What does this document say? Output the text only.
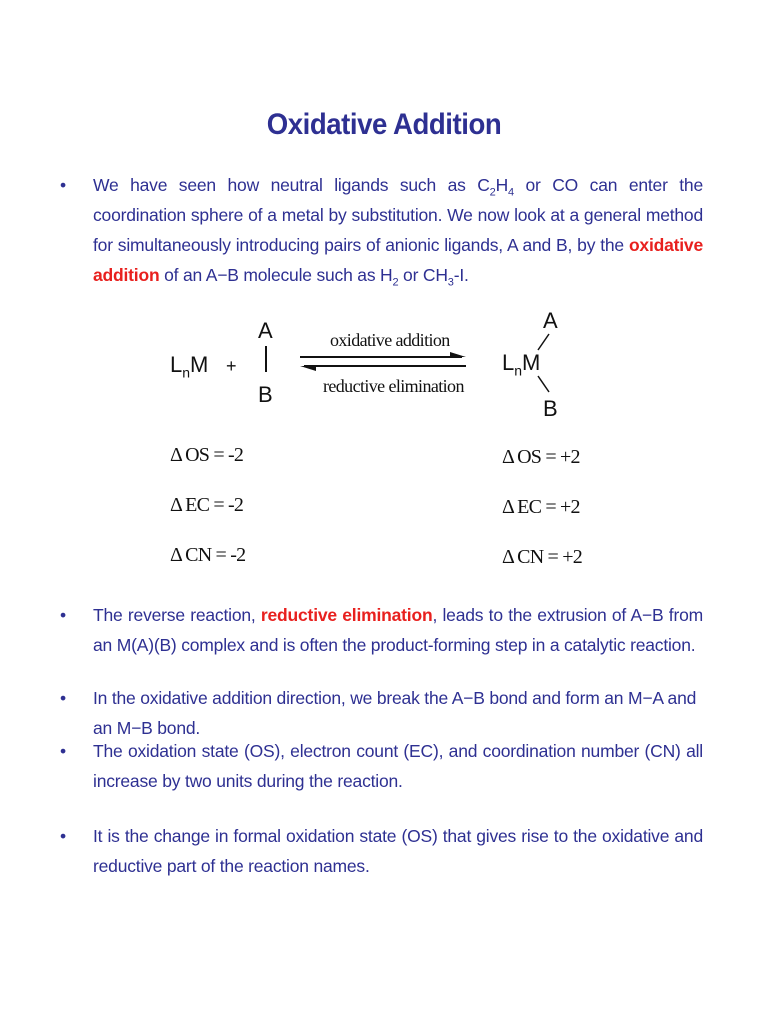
Oxidative Addition
• We have seen how neutral ligands such as $C_2H_4$ or CO can enter the coordination sphere of a metal by substitution. We now look at a general method for simultaneously introducing pairs of anionic ligands, A and B, by the oxidative addition of an A−B molecule such as $H_2$ or $CH_3-I$.
$L_nM$ +
A
B
oxidative addition
reductive elimination
$L_nM$
A
B
Δ OS = -2
Δ EC = -2
Δ CN = -2
Δ OS = +2
Δ EC = +2
Δ CN = +2
• The reverse reaction, reductive elimination, leads to the extrusion of A−B from an M(A)(B) complex and is often the product-forming step in a catalytic reaction.
• In the oxidative addition direction, we break the A−B bond and form an M−A and an M−B bond.
• The oxidation state (OS), electron count (EC), and coordination number (CN) all increase by two units during the reaction.
• It is the change in formal oxidation state (OS) that gives rise to the oxidative and reductive part of the reaction names.
